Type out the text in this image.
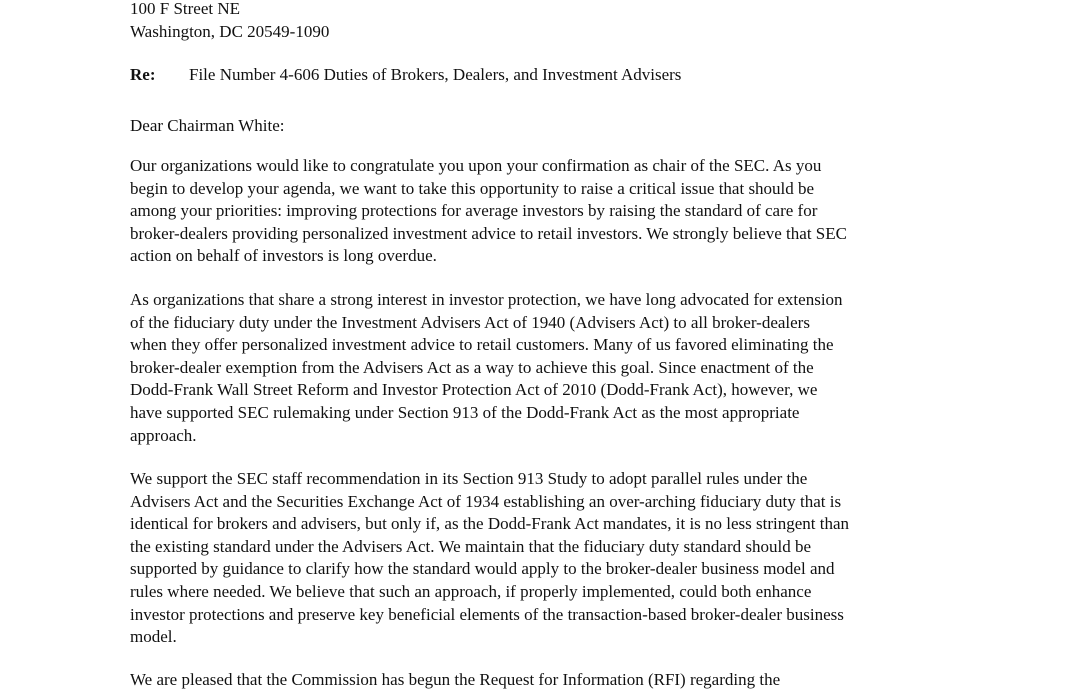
100 F Street NE
Washington, DC 20549-1090
Re: File Number 4-606 Duties of Brokers, Dealers, and Investment Advisers
Dear Chairman White:
Our organizations would like to congratulate you upon your confirmation as chair of the SEC. As you
begin to develop your agenda, we want to take this opportunity to raise a critical issue that should be
among your priorities: improving protections for average investors by raising the standard of care for
broker-dealers providing personalized investment advice to retail investors. We strongly believe that SEC
action on behalf of investors is long overdue.
As organizations that share a strong interest in investor protection, we have long advocated for extension
of the fiduciary duty under the Investment Advisers Act of 1940 (Advisers Act) to all broker-dealers
when they offer personalized investment advice to retail customers. Many of us favored eliminating the
broker-dealer exemption from the Advisers Act as a way to achieve this goal. Since enactment of the
Dodd-Frank Wall Street Reform and Investor Protection Act of 2010 (Dodd-Frank Act), however, we
have supported SEC rulemaking under Section 913 of the Dodd-Frank Act as the most appropriate
approach.
We support the SEC staff recommendation in its Section 913 Study to adopt parallel rules under the
Advisers Act and the Securities Exchange Act of 1934 establishing an over-arching fiduciary duty that is
identical for brokers and advisers, but only if, as the Dodd-Frank Act mandates, it is no less stringent than
the existing standard under the Advisers Act. We maintain that the fiduciary duty standard should be
supported by guidance to clarify how the standard would apply to the broker-dealer business model and
rules where needed. We believe that such an approach, if properly implemented, could both enhance
investor protections and preserve key beneficial elements of the transaction-based broker-dealer business
model.
We are pleased that the Commission has begun the Request for Information (RFI) regarding the
